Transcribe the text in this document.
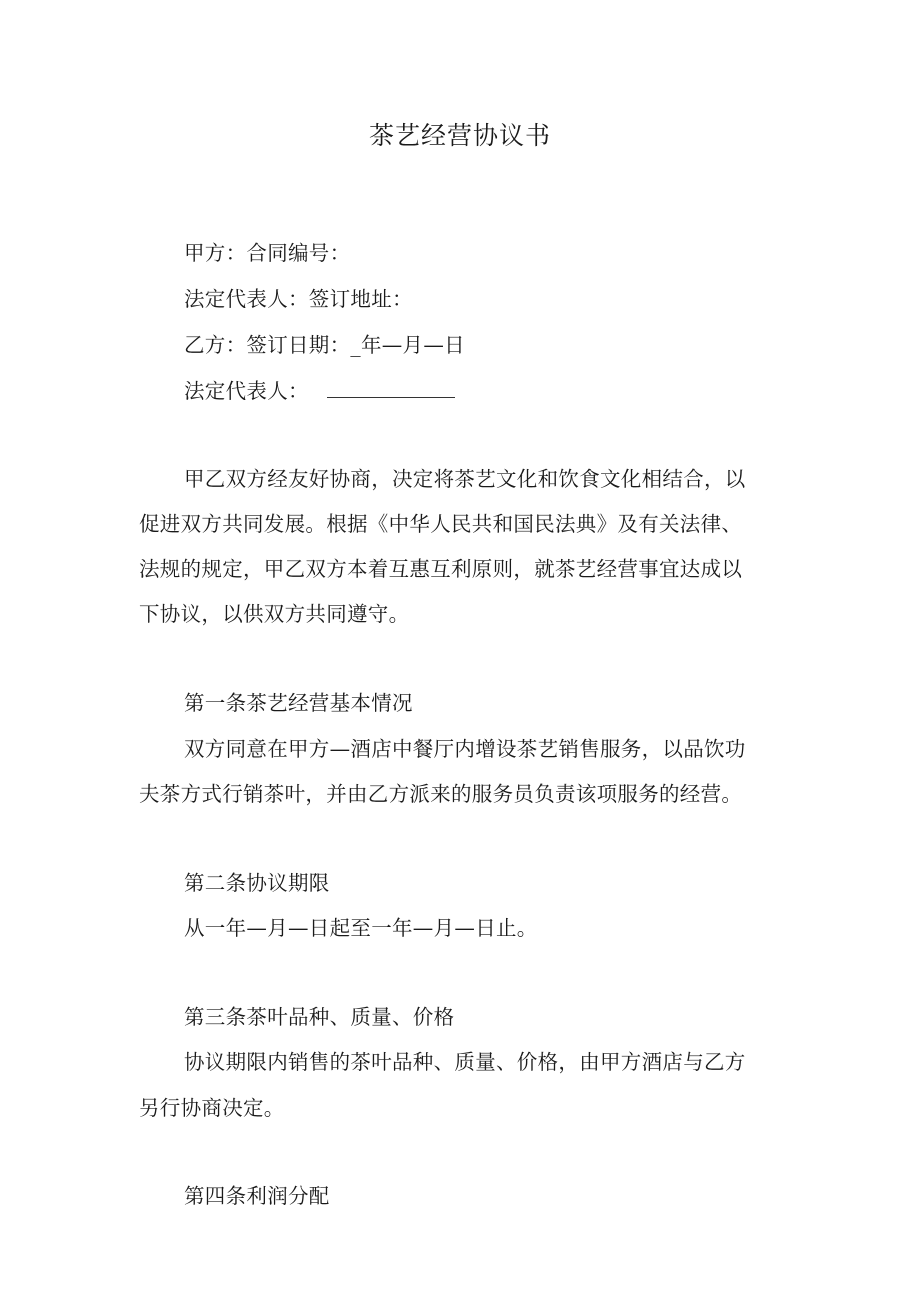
茶艺经营协议书
甲方：合同编号：
法定代表人：签订地址：
乙方：签订日期：_年—月—日
法定代表人：
甲乙双方经友好协商，决定将茶艺文化和饮食文化相结合，以
促进双方共同发展。根据《中华人民共和国民法典》及有关法律、
法规的规定，甲乙双方本着互惠互利原则，就茶艺经营事宜达成以
下协议，以供双方共同遵守。
第一条茶艺经营基本情况
双方同意在甲方—酒店中餐厅内增设茶艺销售服务，以品饮功
夫茶方式行销茶叶，并由乙方派来的服务员负责该项服务的经营。
第二条协议期限
从一年—月—日起至一年—月—日止。
第三条茶叶品种、质量、价格
协议期限内销售的茶叶品种、质量、价格，由甲方酒店与乙方
另行协商决定。
第四条利润分配
